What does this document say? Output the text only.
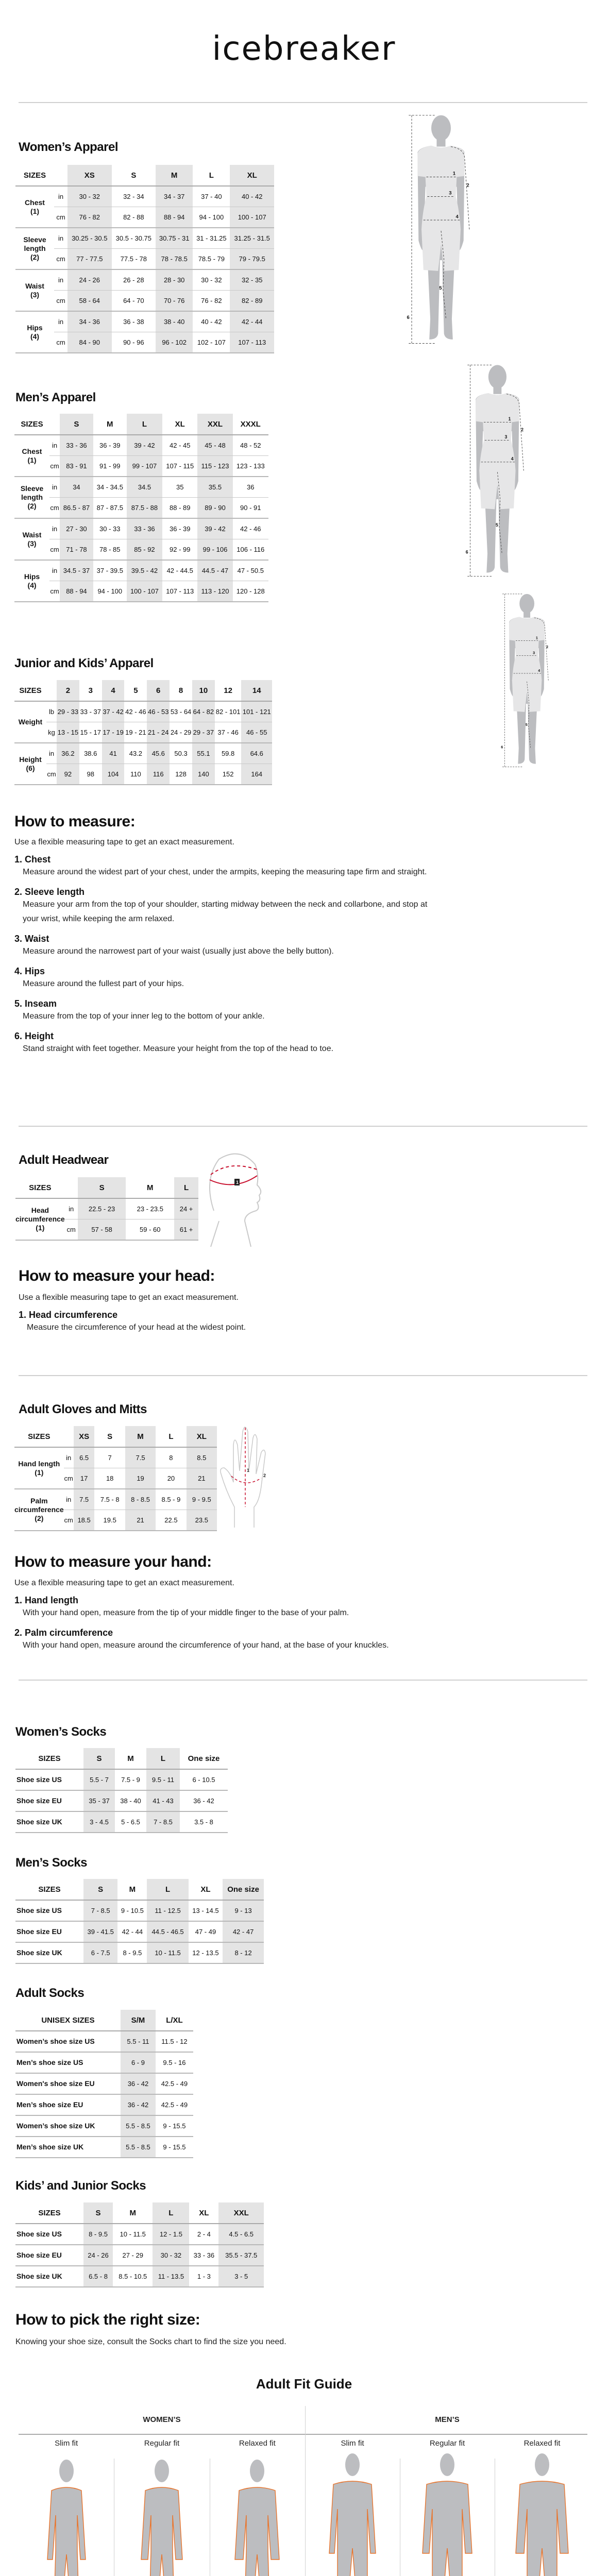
icebreaker
Women’s Apparel
SIZES		XS	S	M	L	XL

Chest
(1)	in	30 - 32	32 - 34	34 - 37	37 - 40	40 - 42
	cm	76 - 82	82 - 88	88 - 94	94 - 100	100 - 107

Sleeve length
(2)	in	30.25 - 30.5	30.5 - 30.75	30.75 - 31	31 - 31.25	31.25 - 31.5
	cm	77 - 77.5	77.5 - 78	78 - 78.5	78.5 - 79	79 - 79.5

Waist
(3)	in	24 - 26	26 - 28	28 - 30	30 - 32	32 - 35
	cm	58 - 64	64 - 70	70 - 76	76 - 82	82 - 89

Hips
(4)	in	34 - 36	36 - 38	38 - 40	40 - 42	42 - 44
	cm	84 - 90	90 - 96	96 - 102	102 - 107	107 - 113
1
2
3
4
5
6
Men’s Apparel
SIZES		S	M	L	XL	XXL	XXXL

Chest
(1)	in	33 - 36	36 - 39	39 - 42	42 - 45	45 - 48	48 - 52
	cm	83 - 91	91 - 99	99 - 107	107 - 115	115 - 123	123 - 133

Sleeve length
(2)	in	34	34 - 34.5	34.5	35	35.5	36
	cm	86.5 - 87	87 - 87.5	87.5 - 88	88 - 89	89 - 90	90 - 91

Waist
(3)	in	27 - 30	30 - 33	33 - 36	36 - 39	39 - 42	42 - 46
	cm	71 - 78	78 - 85	85 - 92	92 - 99	99 - 106	106 - 116

Hips
(4)	in	34.5 - 37	37 - 39.5	39.5 - 42	42 - 44.5	44.5 - 47	47 - 50.5
	cm	88 - 94	94 - 100	100 - 107	107 - 113	113 - 120	120 - 128
1
2
3
4
5
6
Junior and Kids’ Apparel
SIZES		2	3	4	5	6	8	10	12	14

Weight	lb	29 - 33	33 - 37	37 - 42	42 - 46	46 - 53	53 - 64	64 - 82	82 - 101	101 - 121
	kg	13 - 15	15 - 17	17 - 19	19 - 21	21 - 24	24 - 29	29 - 37	37 - 46	46 - 55

Height
(6)	in	36.2	38.6	41	43.2	45.6	50.3	55.1	59.8	64.6
	cm	92	98	104	110	116	128	140	152	164
1
2
3
4
5
6
How to measure:
Use a flexible measuring tape to get an exact measurement.
1. Chest
Measure around the widest part of your chest, under the armpits, keeping the measuring tape firm and straight.
2. Sleeve length
Measure your arm from the top of your shoulder, starting midway between the neck and collarbone, and stop at your wrist, while keeping the arm relaxed.
3. Waist
Measure around the narrowest part of your waist (usually just above the belly button).
4. Hips
Measure around the fullest part of your hips.
5. Inseam
Measure from the top of your inner leg to the bottom of your ankle.
6. Height
Stand straight with feet together. Measure your height from the top of the head to toe.
Adult Headwear
SIZES		S	M	L

Head
circumference
(1)	in	22.5 - 23	23 - 23.5	24 +
	cm	57 - 58	59 - 60	61 +
1
How to measure your head:
Use a flexible measuring tape to get an exact measurement.
1. Head circumference
Measure the circumference of your head at the widest point.
Adult Gloves and Mitts
SIZES		XS	S	M	L	XL

Hand length
(1)	in	6.5	7	7.5	8	8.5
	cm	17	18	19	20	21

Palm
circumference
(2)	in	7.5	7.5 - 8	8 - 8.5	8.5 - 9	9 - 9.5
	cm	18.5	19.5	21	22.5	23.5
1
2
How to measure your hand:
Use a flexible measuring tape to get an exact measurement.
1. Hand length
With your hand open, measure from the tip of your middle finger to the base of your palm.
2. Palm circumference
With your hand open, measure around the circumference of your hand, at the base of your knuckles.
Women’s Socks
SIZES	S	M	L	One size
Shoe size US	5.5 - 7	7.5 - 9	9.5 - 11	6 - 10.5
Shoe size EU	35 - 37	38 - 40	41 - 43	36 - 42
Shoe size UK	3 - 4.5	5 - 6.5	7 - 8.5	3.5 - 8
Men’s Socks
SIZES	S	M	L	XL	One size
Shoe size US	7 - 8.5	9 - 10.5	11 - 12.5	13 - 14.5	9 - 13
Shoe size EU	39 - 41.5	42 - 44	44.5 - 46.5	47 - 49	42 - 47
Shoe size UK	6 - 7.5	8 - 9.5	10 - 11.5	12 - 13.5	8 - 12
Adult Socks
UNISEX SIZES	S/M	L/XL
Women’s shoe size US	5.5 - 11	11.5 - 12
Men’s shoe size US	6 - 9	9.5 - 16
Women's shoe size EU	36 - 42	42.5 - 49
Men’s shoe size EU	36 - 42	42.5 - 49
Women’s shoe size UK	5.5 - 8.5	9 - 15.5
Men’s shoe size UK	5.5 - 8.5	9 - 15.5
Kids’ and Junior Socks
SIZES	S	M	L	XL	XXL
Shoe size US	8 - 9.5	10 - 11.5	12 - 1.5	2 - 4	4.5 - 6.5
Shoe size EU	24 - 26	27 - 29	30 - 32	33 - 36	35.5 - 37.5
Shoe size UK	6.5 - 8	8.5 - 10.5	11 - 13.5	1 - 3	3 - 5
How to pick the right size:
Knowing your shoe size, consult the Socks chart to find the size you need.
Adult Fit Guide
WOMEN’S
Slim fit	Regular fit	Relaxed fit
MEN’S
Slim fit	Regular fit	Relaxed fit
